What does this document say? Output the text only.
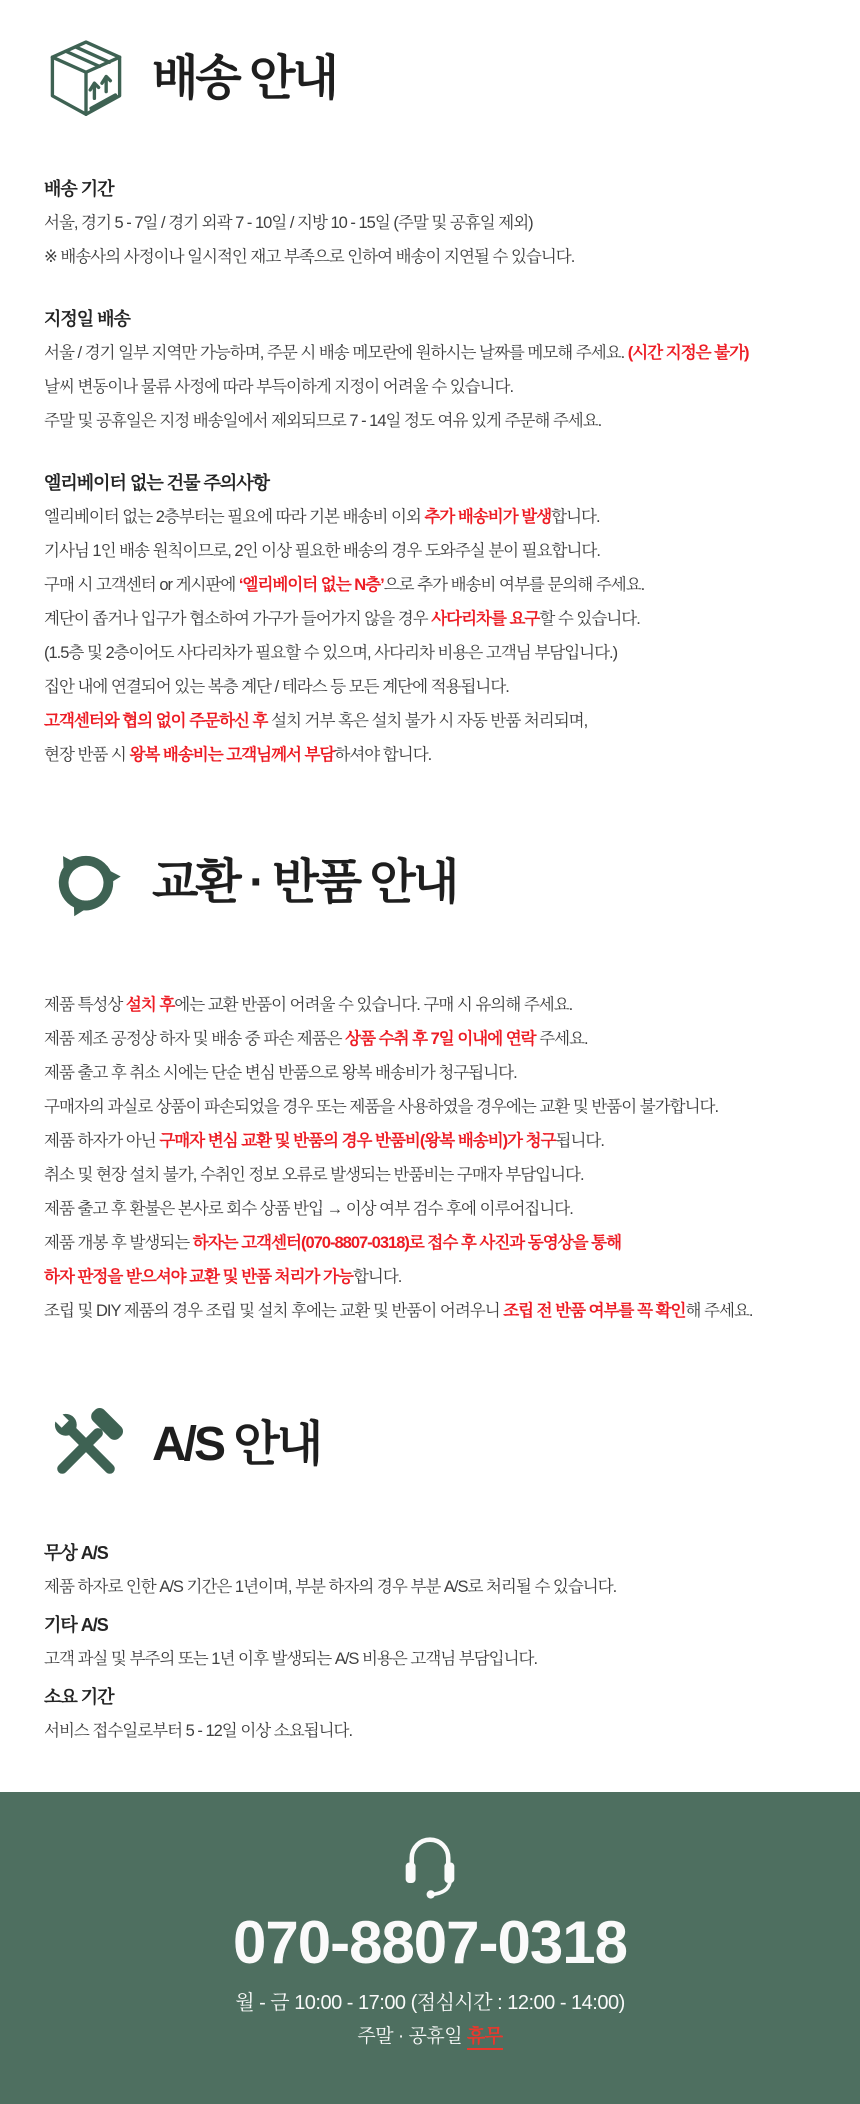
배송 안내
배송 기간

서울, 경기 5 - 7일 / 경기 외곽 7 - 10일 / 지방 10 - 15일 (주말 및 공휴일 제외)

※ 배송사의 사정이나 일시적인 재고 부족으로 인하여 배송이 지연될 수 있습니다.

지정일 배송

서울 / 경기 일부 지역만 가능하며, 주문 시 배송 메모란에 원하시는 날짜를 메모해 주세요. (시간 지정은 불가)

날씨 변동이나 물류 사정에 따라 부득이하게 지정이 어려울 수 있습니다.

주말 및 공휴일은 지정 배송일에서 제외되므로 7 - 14일 정도 여유 있게 주문해 주세요.

엘리베이터 없는 건물 주의사항

엘리베이터 없는 2층부터는 필요에 따라 기본 배송비 이외 추가 배송비가 발생합니다.

기사님 1인 배송 원칙이므로, 2인 이상 필요한 배송의 경우 도와주실 분이 필요합니다.

구매 시 고객센터 or 게시판에 ‘엘리베이터 없는 N층’으로 추가 배송비 여부를 문의해 주세요.

계단이 좁거나 입구가 협소하여 가구가 들어가지 않을 경우 사다리차를 요구할 수 있습니다.

(1.5층 및 2층이어도 사다리차가 필요할 수 있으며, 사다리차 비용은 고객님 부담입니다.)

집안 내에 연결되어 있는 복층 계단 / 테라스 등 모든 계단에 적용됩니다.

고객센터와 협의 없이 주문하신 후 설치 거부 혹은 설치 불가 시 자동 반품 처리되며,

현장 반품 시 왕복 배송비는 고객님께서 부담하셔야 합니다.

교환 · 반품 안내

제품 특성상 설치 후에는 교환 반품이 어려울 수 있습니다. 구매 시 유의해 주세요.

제품 제조 공정상 하자 및 배송 중 파손 제품은 상품 수취 후 7일 이내에 연락 주세요.

제품 출고 후 취소 시에는 단순 변심 반품으로 왕복 배송비가 청구됩니다.

구매자의 과실로 상품이 파손되었을 경우 또는 제품을 사용하였을 경우에는 교환 및 반품이 불가합니다.

제품 하자가 아닌 구매자 변심 교환 및 반품의 경우 반품비(왕복 배송비)가 청구됩니다.

취소 및 현장 설치 불가, 수취인 정보 오류로 발생되는 반품비는 구매자 부담입니다.

제품 출고 후 환불은 본사로 회수 상품 반입 → 이상 여부 검수 후에 이루어집니다.

제품 개봉 후 발생되는 하자는 고객센터(070-8807-0318)로 접수 후 사진과 동영상을 통해

하자 판정을 받으셔야 교환 및 반품 처리가 가능합니다.

조립 및 DIY 제품의 경우 조립 및 설치 후에는 교환 및 반품이 어려우니 조립 전 반품 여부를 꼭 확인해 주세요.

A/S 안내
무상 A/S

제품 하자로 인한 A/S 기간은 1년이며, 부분 하자의 경우 부분 A/S로 처리될 수 있습니다.

기타 A/S

고객 과실 및 부주의 또는 1년 이후 발생되는 A/S 비용은 고객님 부담입니다.

소요 기간

서비스 접수일로부터 5 - 12일 이상 소요됩니다.

070-8807-0318
월 - 금 10:00 - 17:00 (점심시간 : 12:00 - 14:00)
주말 · 공휴일 휴무
